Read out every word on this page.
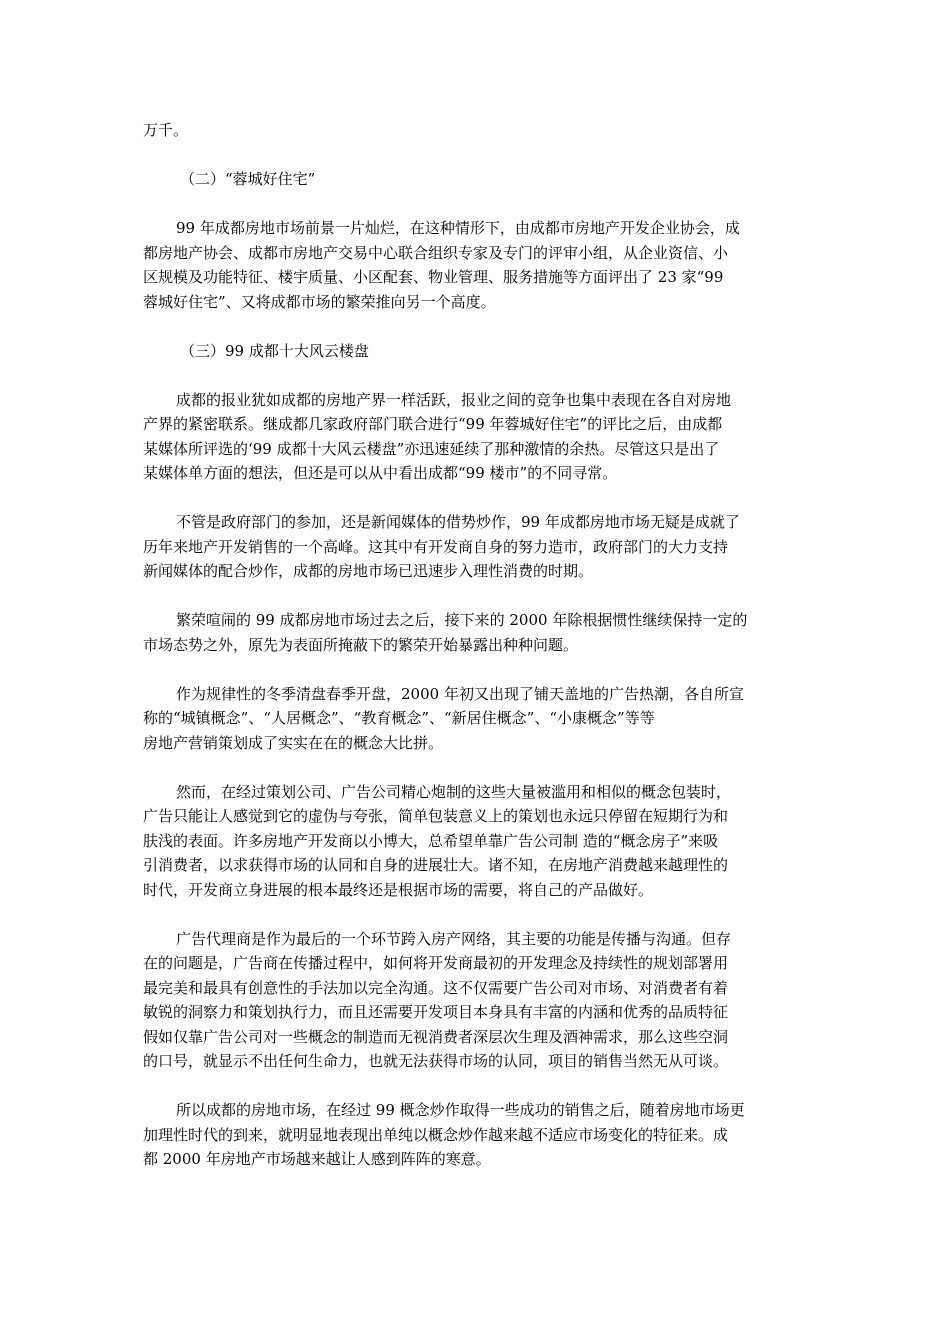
万千。
（二）“蓉城好住宅”
99 年成都房地市场前景一片灿烂，在这种情形下，由成都市房地产开发企业协会，成
都房地产协会、成都市房地产交易中心联合组织专家及专门的评审小组，从企业资信、小
区规模及功能特征、楼宇质量、小区配套、物业管理、服务措施等方面评出了 23 家“99
蓉城好住宅”、又将成都市场的繁荣推向另一个高度。
（三）99 成都十大风云楼盘
成都的报业犹如成都的房地产界一样活跃，报业之间的竞争也集中表现在各自对房地
产界的紧密联系。继成都几家政府部门联合进行“99 年蓉城好住宅”的评比之后，由成都
某媒体所评选的‘99 成都十大风云楼盘”亦迅速延续了那种激情的余热。尽管这只是出了
某媒体单方面的想法，但还是可以从中看出成都“99 楼市”的不同寻常。
不管是政府部门的参加，还是新闻媒体的借势炒作，99 年成都房地市场无疑是成就了
历年来地产开发销售的一个高峰。这其中有开发商自身的努力造市，政府部门的大力支持
新闻媒体的配合炒作，成都的房地市场已迅速步入理性消费的时期。
繁荣喧闹的 99 成都房地市场过去之后，接下来的 2000 年除根据惯性继续保持一定的
市场态势之外，原先为表面所掩蔽下的繁荣开始暴露出种种问题。
作为规律性的冬季清盘春季开盘，2000 年初又出现了铺天盖地的广告热潮，各自所宣
称的“城镇概念”、“人居概念”、“教育概念”、“新居住概念”、“小康概念”等等
房地产营销策划成了实实在在的概念大比拼。
然而，在经过策划公司、广告公司精心炮制的这些大量被滥用和相似的概念包装时，
广告只能让人感觉到它的虚伪与夸张，简单包装意义上的策划也永远只停留在短期行为和
肤浅的表面。许多房地产开发商以小博大，总希望单靠广告公司制 造的“概念房子”来吸
引消费者，以求获得市场的认同和自身的进展壮大。诸不知，在房地产消费越来越理性的
时代，开发商立身进展的根本最终还是根据市场的需要，将自己的产品做好。
广告代理商是作为最后的一个环节跨入房产网络，其主要的功能是传播与沟通。但存
在的问题是，广告商在传播过程中，如何将开发商最初的开发理念及持续性的规划部署用
最完美和最具有创意性的手法加以完全沟通。这不仅需要广告公司对市场、对消费者有着
敏锐的洞察力和策划执行力，而且还需要开发项目本身具有丰富的内涵和优秀的品质特征
假如仅靠广告公司对一些概念的制造而无视消费者深层次生理及酒神需求，那么这些空洞
的口号，就显示不出任何生命力，也就无法获得市场的认同，项目的销售当然无从可谈。
所以成都的房地市场，在经过 99 概念炒作取得一些成功的销售之后，随着房地市场更
加理性时代的到来，就明显地表现出单纯以概念炒作越来越不适应市场变化的特征来。成
都 2000 年房地产市场越来越让人感到阵阵的寒意。
